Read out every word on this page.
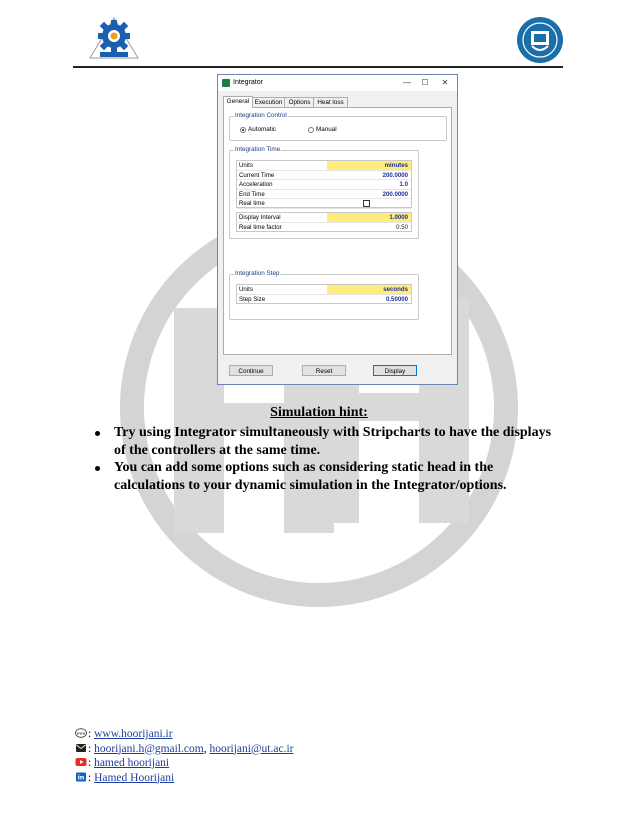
Integrator	—	☐	✕
General Execution	Options	Heat loss
Integration Control
Automatic	Manual
Integration Time
Units	minutes
Current Time	200.0000
Acceleration	1.0
End Time	200.0000
Real time
Display Interval	1.0000
Real time factor	0.50
Integration Step
Units	seconds
Step Size	0.50000
Continue	Reset	Display
Simulation hint:
Try using Integrator simultaneously with Stripcharts to have the displays of the controllers at the same time.
You can add some options such as considering static head in the calculations to your dynamic simulation in the Integrator/options.
www : www.hoorijani.ir
: hoorijani.h@gmail.com, hoorijani@ut.ac.ir
: hamed hoorijani
in : Hamed Hoorijani
